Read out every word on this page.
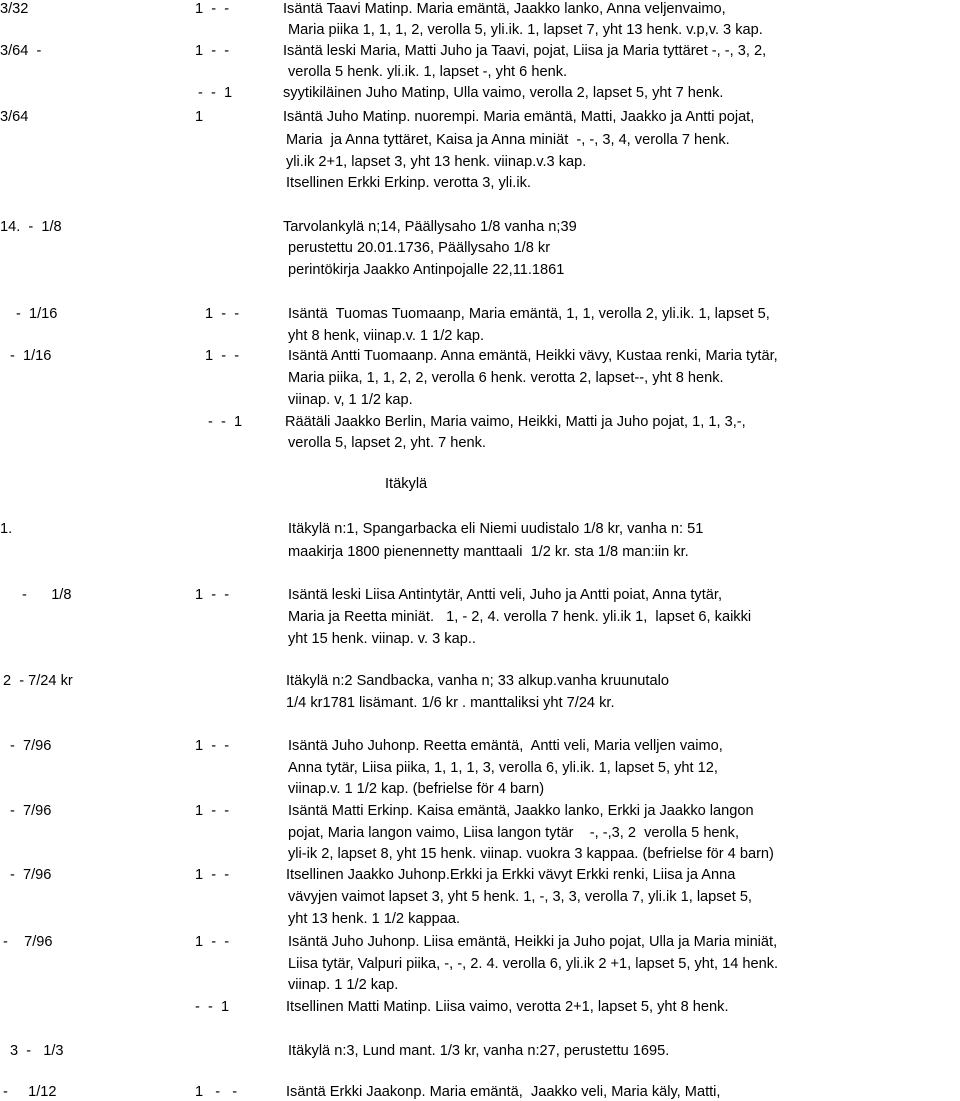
3/32	1  -  -	Isäntä Taavi Matinp. Maria emäntä, Jaakko lanko, Anna veljenvaimo,
Maria piika 1, 1, 1, 2, verolla 5, yli.ik. 1, lapset 7, yht 13 henk. v.p,v. 3 kap.
3/64  -	1  -  -	Isäntä leski Maria, Matti Juho ja Taavi, pojat, Liisa ja Maria tyttäret -, -, 3, 2,
verolla 5 henk. yli.ik. 1, lapset -, yht 6 henk.
-  -  1	syytikiläinen Juho Matinp, Ulla vaimo, verolla 2, lapset 5, yht 7 henk.
3/64	1	Isäntä Juho Matinp. nuorempi. Maria emäntä, Matti, Jaakko ja Antti pojat,
Maria  ja Anna tyttäret, Kaisa ja Anna miniät  -, -, 3, 4, verolla 7 henk.
yli.ik 2+1, lapset 3, yht 13 henk. viinap.v.3 kap.
Itsellinen Erkki Erkinp. verotta 3, yli.ik.
14.  -  1/8	Tarvolankylä n;14, Päällysaho 1/8 vanha n;39
perustettu 20.01.1736, Päällysaho 1/8 kr
perintökirja Jaakko Antinpojalle 22,11.1861
-  1/16	1  -  -	Isäntä  Tuomas Tuomaanp, Maria emäntä, 1, 1, verolla 2, yli.ik. 1, lapset 5,
yht 8 henk, viinap.v. 1 1/2 kap.
-  1/16	1  -  -	Isäntä Antti Tuomaanp. Anna emäntä, Heikki vävy, Kustaa renki, Maria tytär,
Maria piika, 1, 1, 2, 2, verolla 6 henk. verotta 2, lapset--, yht 8 henk.
viinap. v, 1 1/2 kap.
-  -  1	Räätäli Jaakko Berlin, Maria vaimo, Heikki, Matti ja Juho pojat, 1, 1, 3,-,
verolla 5, lapset 2, yht. 7 henk.
Itäkylä
1.	Itäkylä n:1, Spangarbacka eli Niemi uudistalo 1/8 kr, vanha n: 51
maakirja 1800 pienennetty manttaali  1/2 kr. sta 1/8 man:iin kr.
-      1/8	1  -  -	Isäntä leski Liisa Antintytär, Antti veli, Juho ja Antti poiat, Anna tytär,
Maria ja Reetta miniät.   1, - 2, 4. verolla 7 henk. yli.ik 1,  lapset 6, kaikki
yht 15 henk. viinap. v. 3 kap..
2  - 7/24 kr	Itäkylä n:2 Sandbacka, vanha n; 33 alkup.vanha kruunutalo
1/4 kr1781 lisämant. 1/6 kr . manttaliksi yht 7/24 kr.
-  7/96	1  -  -	Isäntä Juho Juhonp. Reetta emäntä,  Antti veli, Maria velljen vaimo,
Anna tytär, Liisa piika, 1, 1, 1, 3, verolla 6, yli.ik. 1, lapset 5, yht 12,
viinap.v. 1 1/2 kap. (befrielse för 4 barn)
-  7/96	1  -  -	Isäntä Matti Erkinp. Kaisa emäntä, Jaakko lanko, Erkki ja Jaakko langon
pojat, Maria langon vaimo, Liisa langon tytär    -, -,3, 2  verolla 5 henk,
yli-ik 2, lapset 8, yht 15 henk. viinap. vuokra 3 kappaa. (befrielse för 4 barn)
-  7/96	1  -  -	Itsellinen Jaakko Juhonp.Erkki ja Erkki vävyt Erkki renki, Liisa ja Anna
vävyjen vaimot lapset 3, yht 5 henk. 1, -, 3, 3, verolla 7, yli.ik 1, lapset 5,
yht 13 henk. 1 1/2 kappaa.
-    7/96	1  -  -	Isäntä Juho Juhonp. Liisa emäntä, Heikki ja Juho pojat, Ulla ja Maria miniät,
Liisa tytär, Valpuri piika, -, -, 2. 4. verolla 6, yli.ik 2 +1, lapset 5, yht, 14 henk.
viinap. 1 1/2 kap.
-  -  1	Itsellinen Matti Matinp. Liisa vaimo, verotta 2+1, lapset 5, yht 8 henk.
3  -   1/3	Itäkylä n:3, Lund mant. 1/3 kr, vanha n:27, perustettu 1695.
-     1/12	1   -   -	Isäntä Erkki Jaakonp. Maria emäntä,  Jaakko veli, Maria käly, Matti,
